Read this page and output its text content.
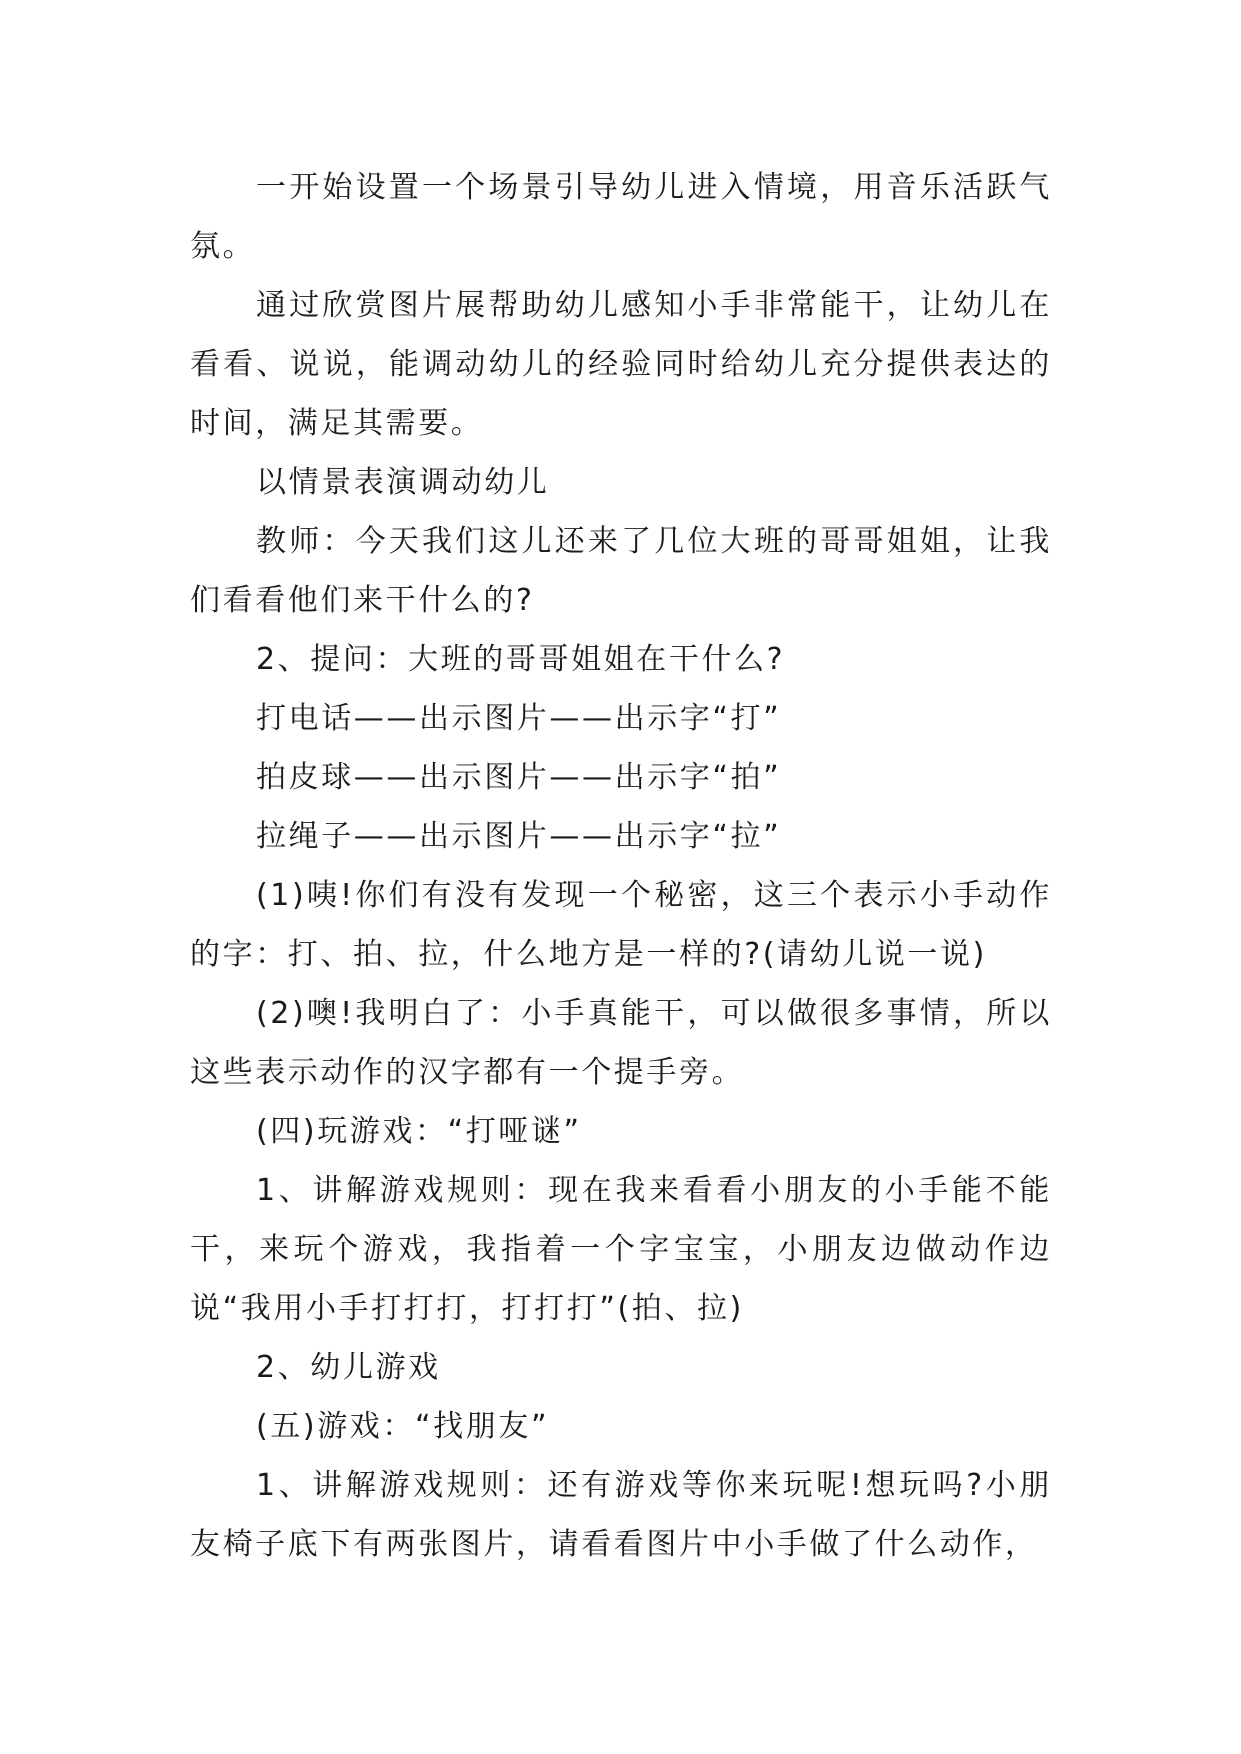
一开始设置一个场景引导幼儿进入情境，用音乐活跃气氛。

通过欣赏图片展帮助幼儿感知小手非常能干，让幼儿在看看、说说，能调动幼儿的经验同时给幼儿充分提供表达的时间，满足其需要。

以情景表演调动幼儿

教师：今天我们这儿还来了几位大班的哥哥姐姐，让我们看看他们来干什么的?

2、提问：大班的哥哥姐姐在干什么?

打电话——出示图片——出示字“打”

拍皮球——出示图片——出示字“拍”

拉绳子——出示图片——出示字“拉”

(1)咦!你们有没有发现一个秘密，这三个表示小手动作的字：打、拍、拉，什么地方是一样的?(请幼儿说一说)

(2)噢!我明白了：小手真能干，可以做很多事情，所以这些表示动作的汉字都有一个提手旁。

(四)玩游戏：“打哑谜”

1、讲解游戏规则：现在我来看看小朋友的小手能不能干，来玩个游戏，我指着一个字宝宝，小朋友边做动作边说“我用小手打打打，打打打”(拍、拉)

2、幼儿游戏

(五)游戏：“找朋友”

1、讲解游戏规则：还有游戏等你来玩呢!想玩吗?小朋友椅子底下有两张图片，请看看图片中小手做了什么动作，
